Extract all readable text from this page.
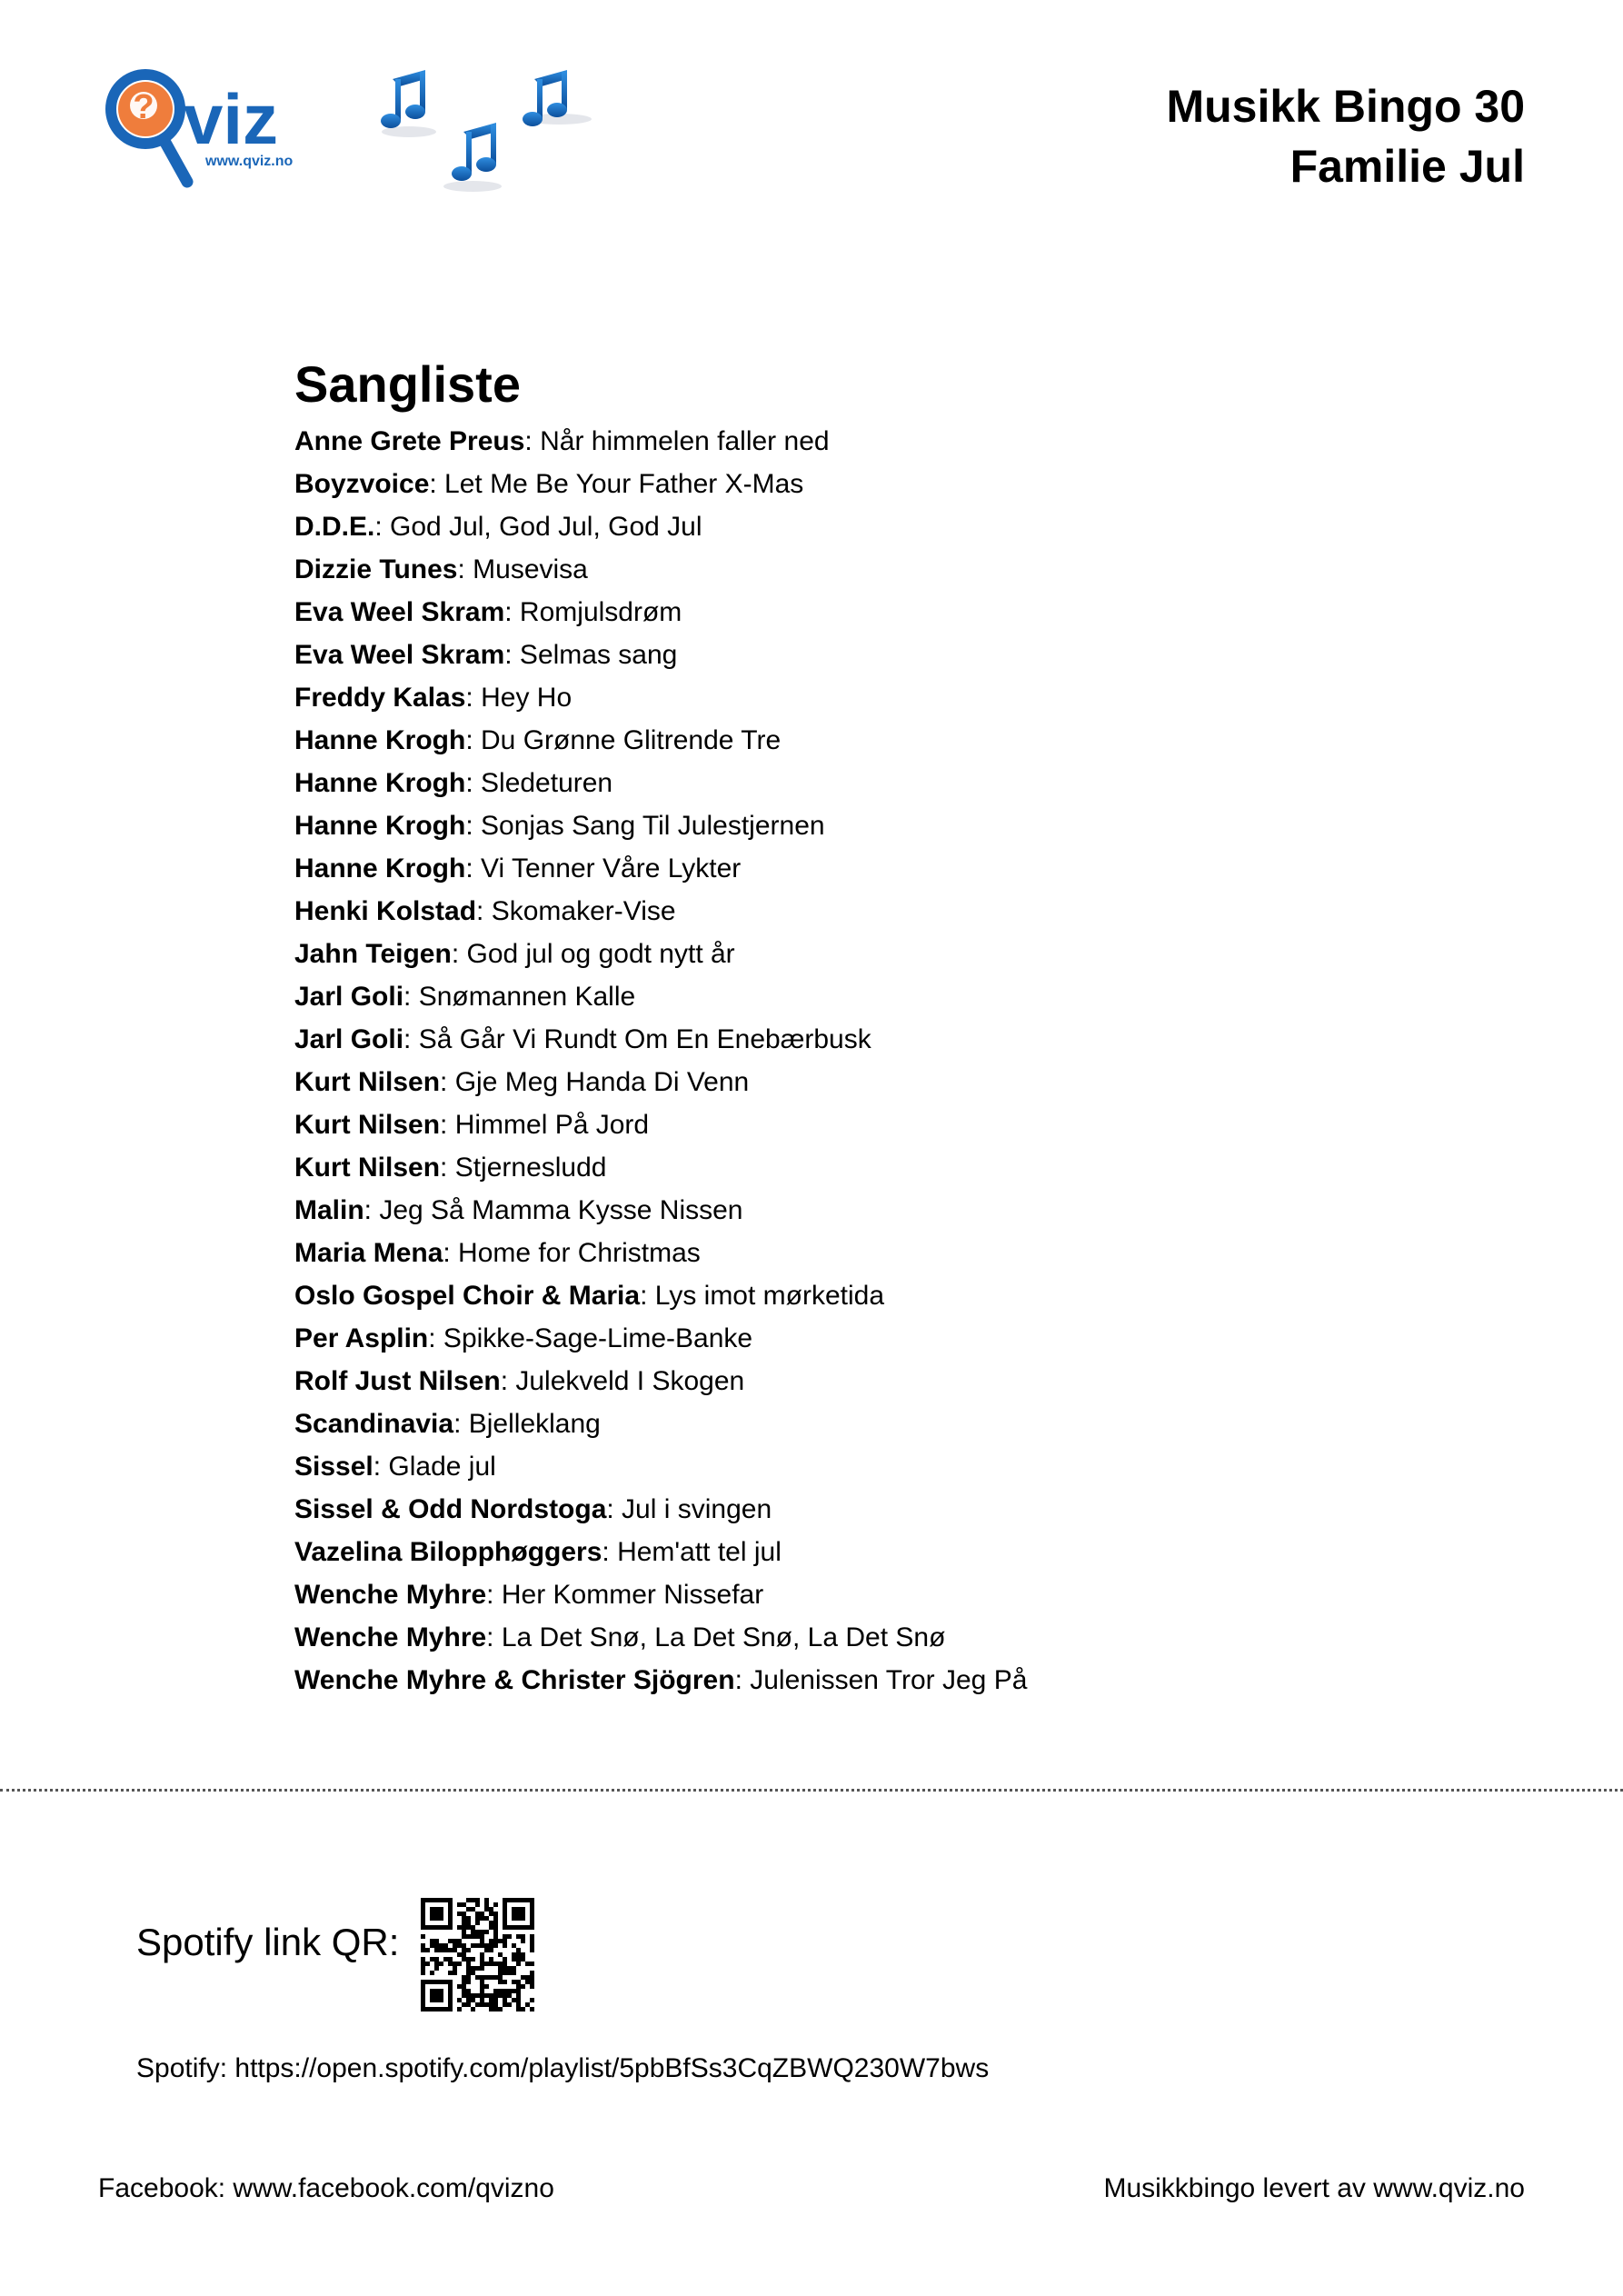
? viz
www.qviz.no
Musikk Bingo 30
Familie Jul
Sangliste
Anne Grete Preus: Når himmelen faller ned
Boyzvoice: Let Me Be Your Father X-Mas
D.D.E.: God Jul, God Jul, God Jul
Dizzie Tunes: Musevisa
Eva Weel Skram: Romjulsdrøm
Eva Weel Skram: Selmas sang
Freddy Kalas: Hey Ho
Hanne Krogh: Du Grønne Glitrende Tre
Hanne Krogh: Sledeturen
Hanne Krogh: Sonjas Sang Til Julestjernen
Hanne Krogh: Vi Tenner Våre Lykter
Henki Kolstad: Skomaker-Vise
Jahn Teigen: God jul og godt nytt år
Jarl Goli: Snømannen Kalle
Jarl Goli: Så Går Vi Rundt Om En Enebærbusk
Kurt Nilsen: Gje Meg Handa Di Venn
Kurt Nilsen: Himmel På Jord
Kurt Nilsen: Stjernesludd
Malin: Jeg Så Mamma Kysse Nissen
Maria Mena: Home for Christmas
Oslo Gospel Choir & Maria: Lys imot mørketida
Per Asplin: Spikke-Sage-Lime-Banke
Rolf Just Nilsen: Julekveld I Skogen
Scandinavia: Bjelleklang
Sissel: Glade jul
Sissel & Odd Nordstoga: Jul i svingen
Vazelina Bilopphøggers: Hem'att tel jul
Wenche Myhre: Her Kommer Nissefar
Wenche Myhre: La Det Snø, La Det Snø, La Det Snø
Wenche Myhre & Christer Sjögren: Julenissen Tror Jeg På
Spotify link QR:
Spotify: https://open.spotify.com/playlist/5pbBfSs3CqZBWQ230W7bws
Facebook: www.facebook.com/qvizno	Musikkbingo levert av www.qviz.no
